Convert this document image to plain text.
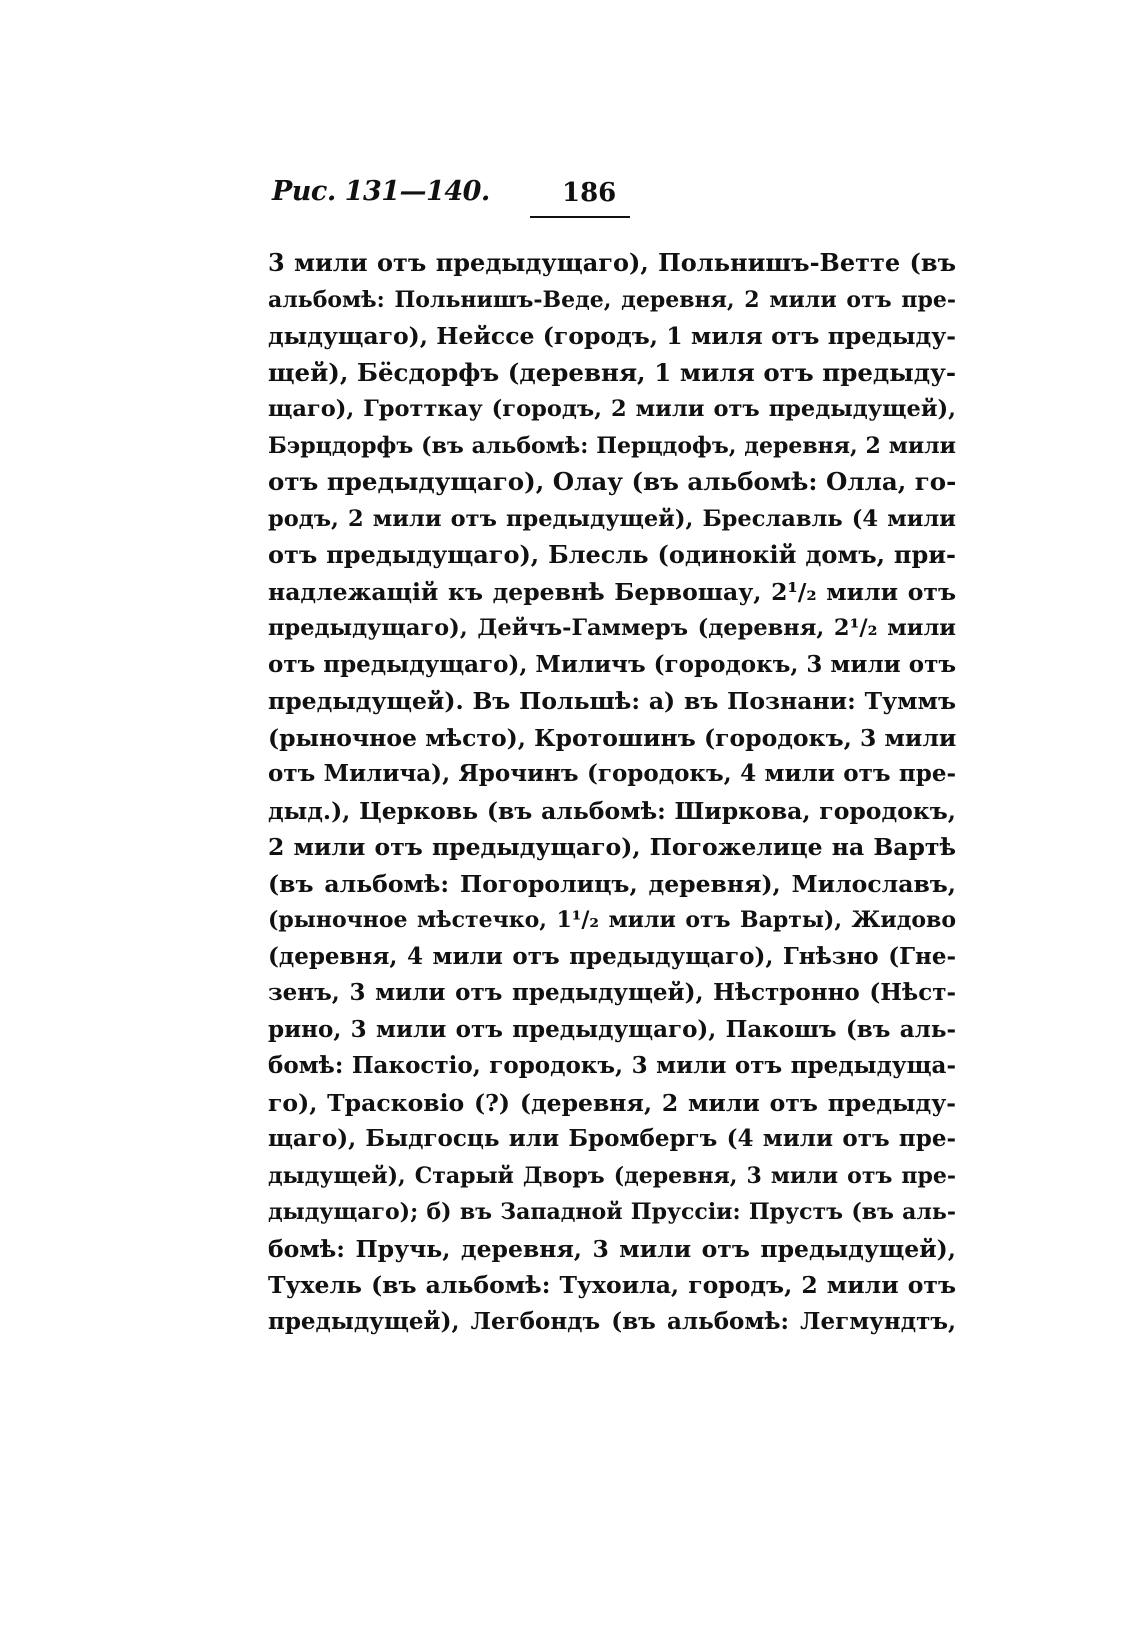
Рис. 131—140.	186
3 мили отъ предыдущаго), Польнишъ-Ветте (въ
альбомѣ: Польнишъ-Веде, деревня, 2 мили отъ пре-
дыдущаго), Нейссе (городъ, 1 миля отъ предыду-
щей), Бёсдорфъ (деревня, 1 миля отъ предыду-
щаго), Гротткау (городъ, 2 мили отъ предыдущей),
Бэрцдорфъ (въ альбомѣ: Перцдофъ, деревня, 2 мили
отъ предыдущаго), Олау (въ альбомѣ: Олла, го-
родъ, 2 мили отъ предыдущей), Бреславль (4 мили
отъ предыдущаго), Блесль (одинокій домъ, при-
надлежащій къ деревнѣ Бервошау, 2¹/₂ мили отъ
предыдущаго), Дейчъ-Гаммеръ (деревня, 2¹/₂ мили
отъ предыдущаго), Миличъ (городокъ, 3 мили отъ
предыдущей). Въ Польшѣ: а) въ Познани: Туммъ
(рыночное мѣсто), Кротошинъ (городокъ, 3 мили
отъ Милича), Ярочинъ (городокъ, 4 мили отъ пре-
дыд.), Церковь (въ альбомѣ: Ширкова, городокъ,
2 мили отъ предыдущаго), Погожелице на Вартѣ
(въ альбомѣ: Погоролицъ, деревня), Милославъ,
(рыночное мѣстечко, 1¹/₂ мили отъ Варты), Жидово
(деревня, 4 мили отъ предыдущаго), Гнѣзно (Гне-
зенъ, 3 мили отъ предыдущей), Нѣстронно (Нѣст-
рино, 3 мили отъ предыдущаго), Пакошъ (въ аль-
бомѣ: Пакостіо, городокъ, 3 мили отъ предыдуща-
го), Трасковіо (?) (деревня, 2 мили отъ предыду-
щаго), Быдгосць или Бромбергъ (4 мили отъ пре-
дыдущей), Старый Дворъ (деревня, 3 мили отъ пре-
дыдущаго); б) въ Западной Пруссіи: Прустъ (въ аль-
бомѣ: Пручь, деревня, 3 мили отъ предыдущей),
Тухель (въ альбомѣ: Тухоила, городъ, 2 мили отъ
предыдущей), Легбондъ (въ альбомѣ: Легмундтъ,
